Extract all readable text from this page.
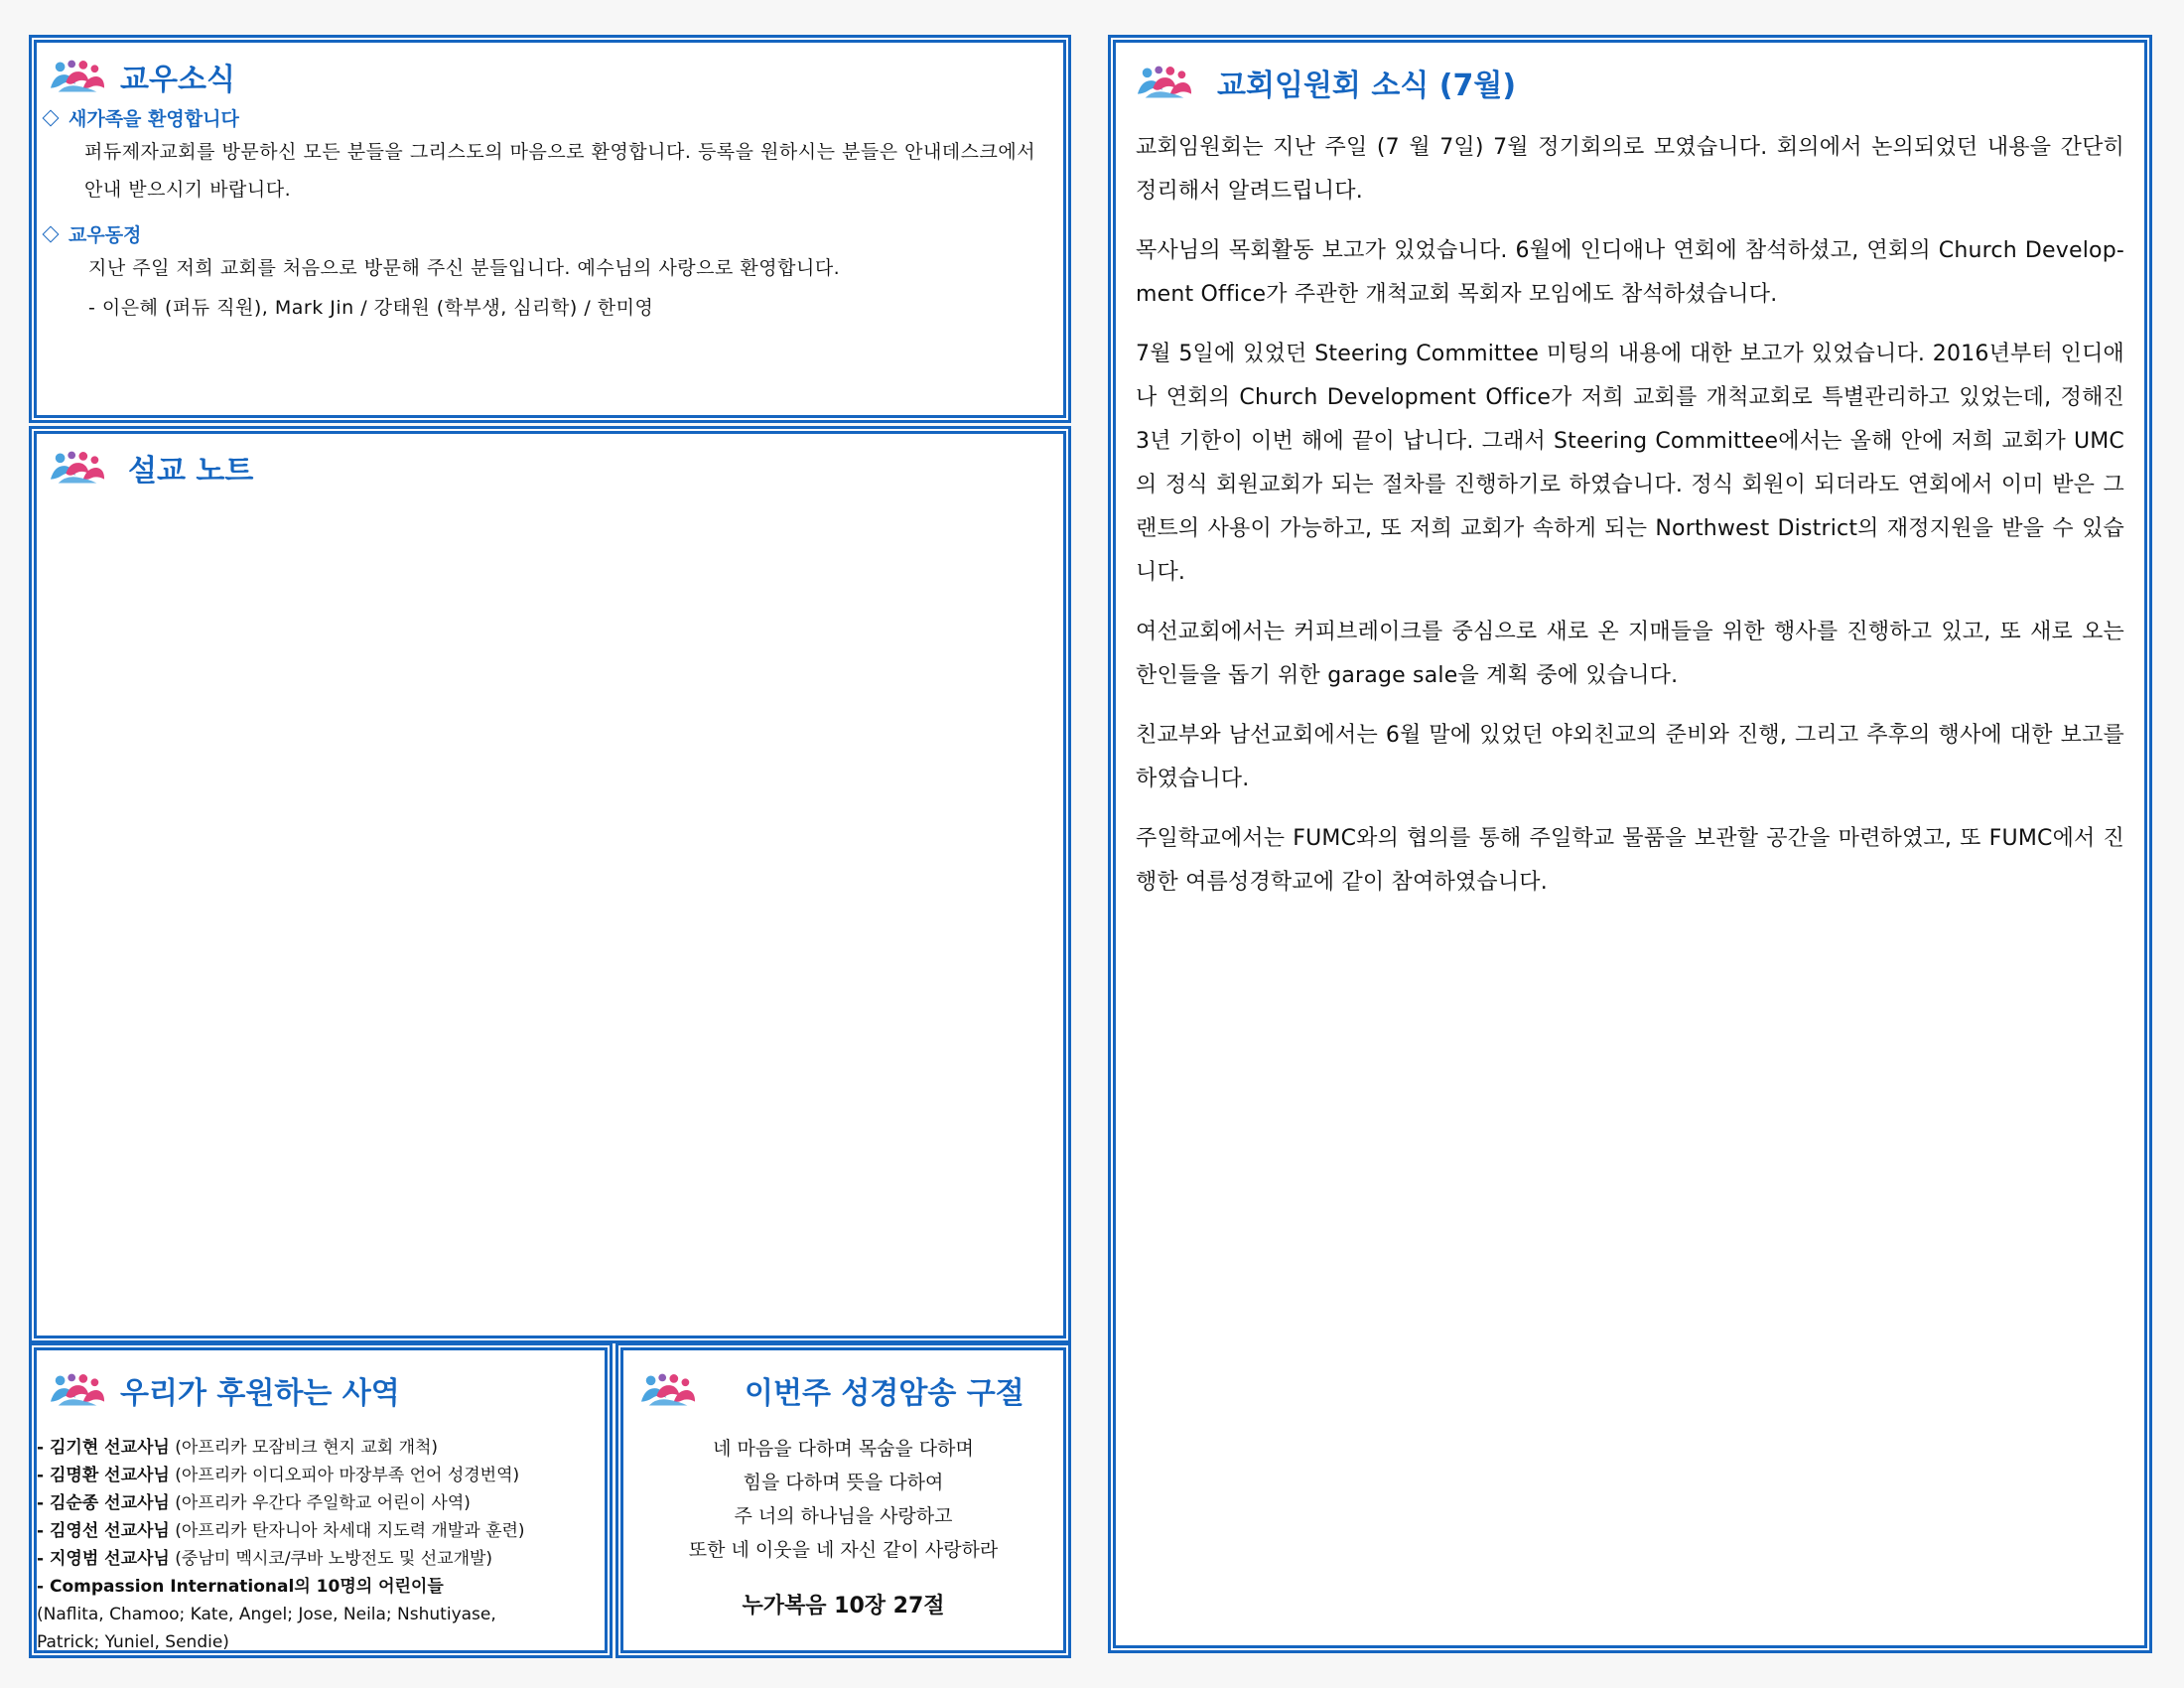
교우소식
새가족을 환영합니다
퍼듀제자교회를 방문하신 모든 분들을 그리스도의 마음으로 환영합니다. 등록을 원하시는 분들은 안내데스크에서 안내 받으시기 바랍니다.
교우동정
지난 주일 저희 교회를 처음으로 방문해 주신 분들입니다. 예수님의 사랑으로 환영합니다.
- 이은혜 (퍼듀 직원), Mark Jin / 강태원 (학부생, 심리학) / 한미영
설교 노트
우리가 후원하는 사역
- 김기현 선교사님 (아프리카 모잠비크 현지 교회 개척)
- 김명환 선교사님 (아프리카 이디오피아 마장부족 언어 성경번역)
- 김순종 선교사님 (아프리카 우간다 주일학교 어린이 사역)
- 김영선 선교사님 (아프리카 탄자니아 차세대 지도력 개발과 훈련)
- 지영범 선교사님 (중남미 멕시코/쿠바 노방전도 및 선교개발)
- Compassion International의 10명의 어린이들
(Naflita, Chamoo; Kate, Angel; Jose, Neila; Nshutiyase,
Patrick; Yuniel, Sendie)
이번주 성경암송 구절
네 마음을 다하며 목숨을 다하며
힘을 다하며 뜻을 다하여
주 너의 하나님을 사랑하고
또한 네 이웃을 네 자신 같이 사랑하라
누가복음 10장 27절
교회임원회 소식 (7월)

교회임원회는 지난 주일 (7 월 7일) 7월 정기회의로 모였습니다. 회의에서 논의되었던 내용을 간단히 정리해서 알려드립니다.

목사님의 목회활동 보고가 있었습니다. 6월에 인디애나 연회에 참석하셨고, 연회의 Church Develop-ment Office가 주관한 개척교회 목회자 모임에도 참석하셨습니다.

7월 5일에 있었던 Steering Committee 미팅의 내용에 대한 보고가 있었습니다. 2016년부터 인디애나 연회의 Church Development Office가 저희 교회를 개척교회로 특별관리하고 있었는데, 정해진 3년 기한이 이번 해에 끝이 납니다. 그래서 Steering Committee에서는 올해 안에 저희 교회가 UMC의 정식 회원교회가 되는 절차를 진행하기로 하였습니다. 정식 회원이 되더라도 연회에서 이미 받은 그랜트의 사용이 가능하고, 또 저희 교회가 속하게 되는 Northwest District의 재정지원을 받을 수 있습니다.

여선교회에서는 커피브레이크를 중심으로 새로 온 지매들을 위한 행사를 진행하고 있고, 또 새로 오는 한인들을 돕기 위한 garage sale을 계획 중에 있습니다.

친교부와 남선교회에서는 6월 말에 있었던 야외친교의 준비와 진행, 그리고 추후의 행사에 대한 보고를 하였습니다.

주일학교에서는 FUMC와의 협의를 통해 주일학교 물품을 보관할 공간을 마련하였고, 또 FUMC에서 진행한 여름성경학교에 같이 참여하였습니다.
